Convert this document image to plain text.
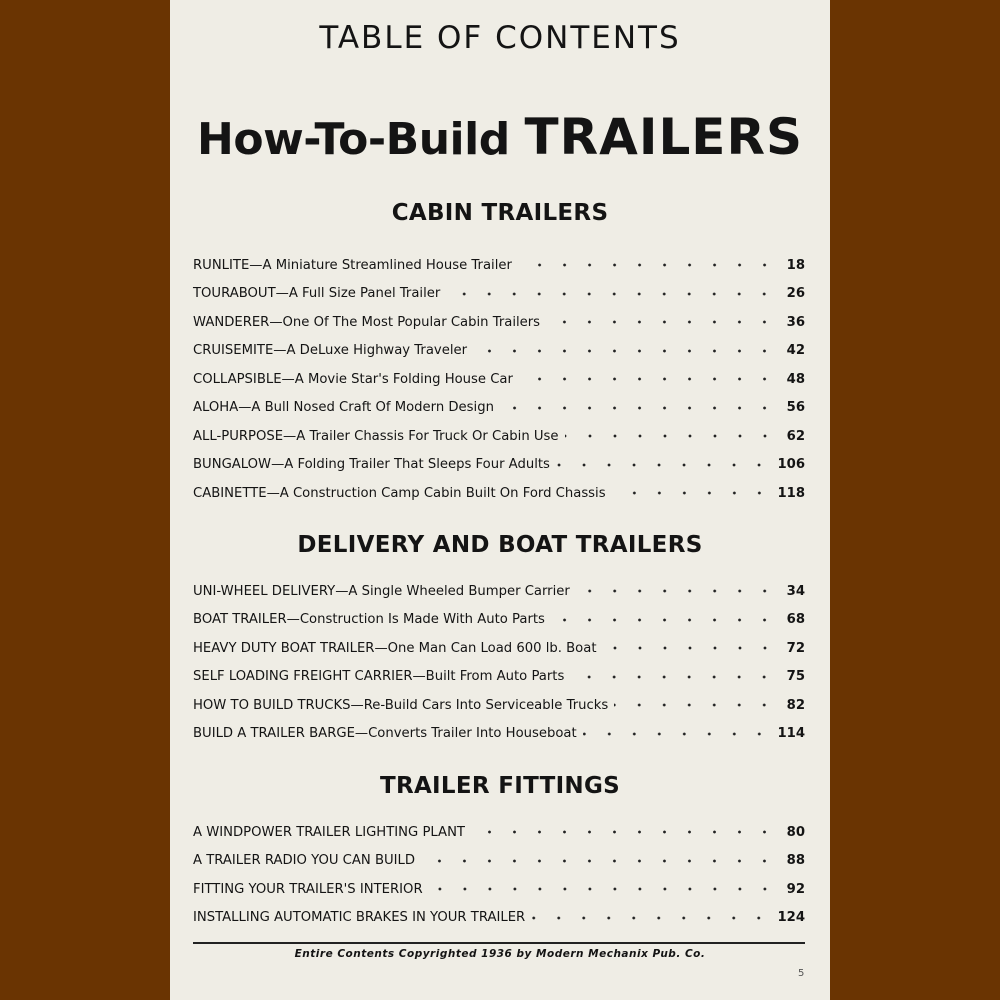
TABLE OF CONTENTS
How-To-Build TRAILERS
CABIN TRAILERS
RUNLITE—A Miniature Streamlined House Trailer	18
TOURABOUT—A Full Size Panel Trailer	26
WANDERER—One Of The Most Popular Cabin Trailers	36
CRUISEMITE—A DeLuxe Highway Traveler	42
COLLAPSIBLE—A Movie Star's Folding House Car	48
ALOHA—A Bull Nosed Craft Of Modern Design	56
ALL-PURPOSE—A Trailer Chassis For Truck Or Cabin Use	62
BUNGALOW—A Folding Trailer That Sleeps Four Adults	106
CABINETTE—A Construction Camp Cabin Built On Ford Chassis	118
DELIVERY AND BOAT TRAILERS
UNI-WHEEL DELIVERY—A Single Wheeled Bumper Carrier	34
BOAT TRAILER—Construction Is Made With Auto Parts	68
HEAVY DUTY BOAT TRAILER—One Man Can Load 600 lb. Boat	72
SELF LOADING FREIGHT CARRIER—Built From Auto Parts	75
HOW TO BUILD TRUCKS—Re-Build Cars Into Serviceable Trucks	82
BUILD A TRAILER BARGE—Converts Trailer Into Houseboat	114
TRAILER FITTINGS
A WINDPOWER TRAILER LIGHTING PLANT	80
A TRAILER RADIO YOU CAN BUILD	88
FITTING YOUR TRAILER'S INTERIOR	92
INSTALLING AUTOMATIC BRAKES IN YOUR TRAILER	124
Entire Contents Copyrighted 1936 by Modern Mechanix Pub. Co.
5
